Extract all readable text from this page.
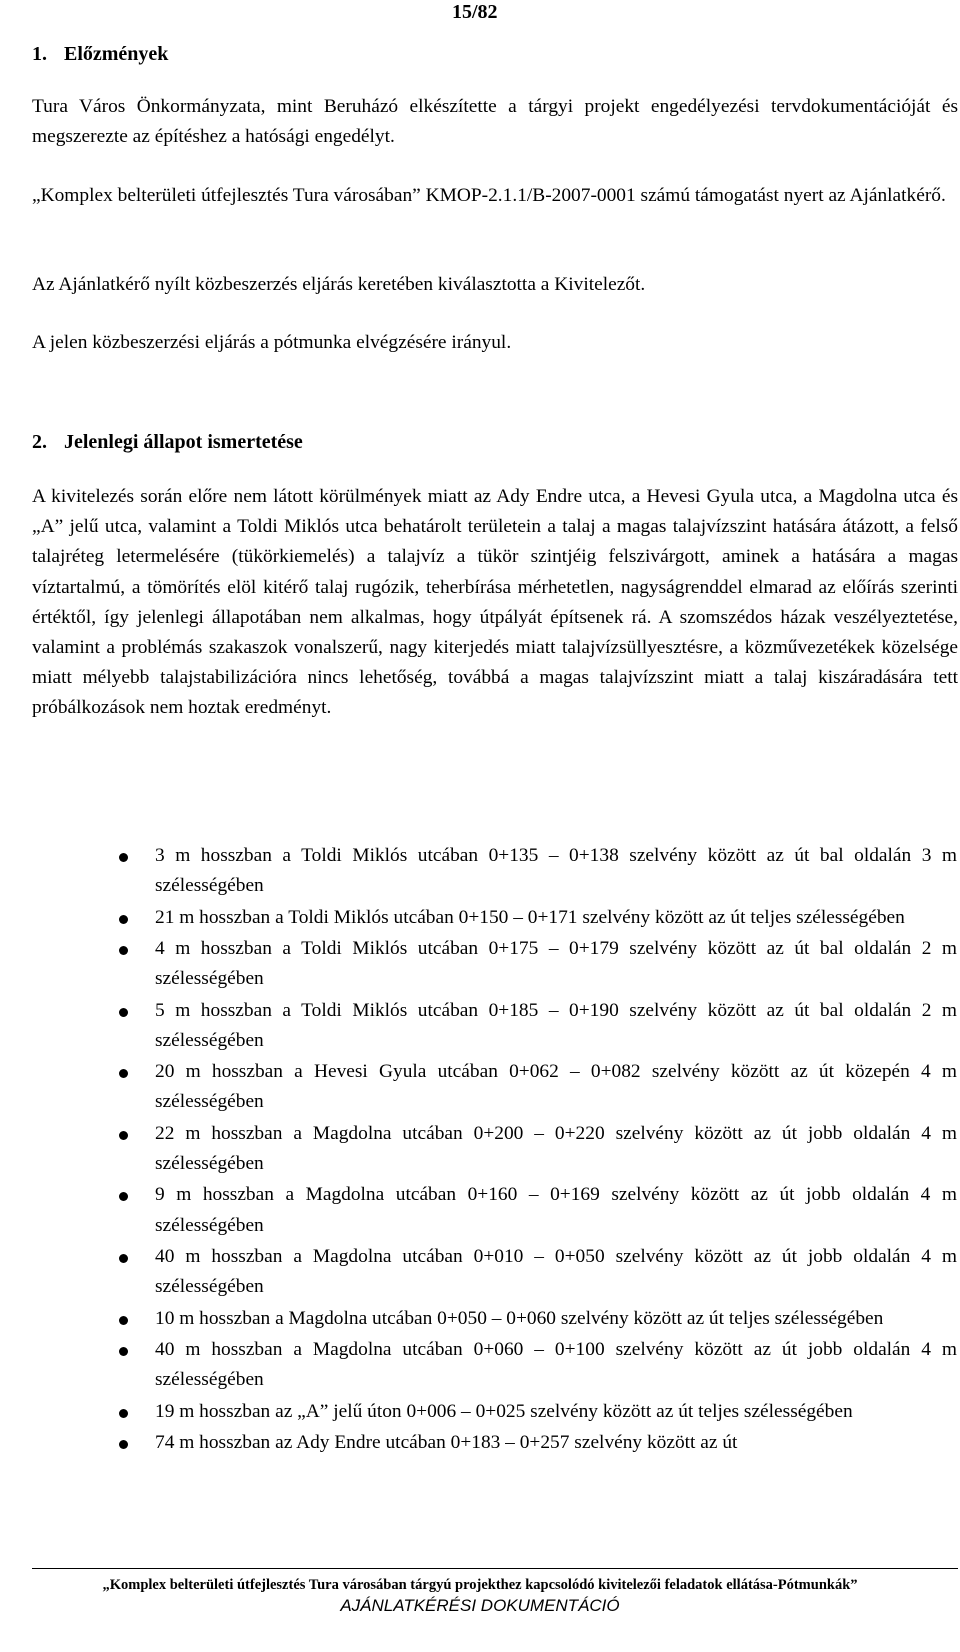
15/82
1. Előzmények

Tura Város Önkormányzata, mint Beruházó elkészítette a tárgyi projekt engedélyezési tervdokumentációját és megszerezte az építéshez a hatósági engedélyt.

„Komplex belterületi útfejlesztés Tura városában” KMOP-2.1.1/B-2007-0001 számú támogatást nyert az Ajánlatkérő.

Az Ajánlatkérő nyílt közbeszerzés eljárás keretében kiválasztotta a Kivitelezőt.

A jelen közbeszerzési eljárás a pótmunka elvégzésére irányul.

2. Jelenlegi állapot ismertetése

A kivitelezés során előre nem látott körülmények miatt az Ady Endre utca, a Hevesi Gyula utca, a Magdolna utca és „A” jelű utca, valamint a Toldi Miklós utca behatárolt területein a talaj a magas talajvízszint hatására átázott, a felső talajréteg letermelésére (tükörkiemelés) a talajvíz a tükör szintjéig felszivárgott, aminek a hatására a magas víztartalmú, a tömörítés elöl kitérő talaj rugózik, teherbírása mérhetetlen, nagyságrenddel elmarad az előírás szerinti értéktől, így jelenlegi állapotában nem alkalmas, hogy útpályát építsenek rá. A szomszédos házak veszélyeztetése, valamint a problémás szakaszok vonalszerű, nagy kiterjedés miatt talajvízsüllyesztésre, a közművezetékek közelsége miatt mélyebb talajstabilizációra nincs lehetőség, továbbá a magas talajvízszint miatt a talaj kiszáradására tett próbálkozások nem hoztak eredményt.

3 m hosszban a Toldi Miklós utcában 0+135 – 0+138 szelvény között az út bal oldalán 3 m szélességében
21 m hosszban a Toldi Miklós utcában 0+150 – 0+171 szelvény között az út teljes szélességében
4 m hosszban a Toldi Miklós utcában 0+175 – 0+179 szelvény között az út bal oldalán 2 m szélességében
5 m hosszban a Toldi Miklós utcában 0+185 – 0+190 szelvény között az út bal oldalán 2 m szélességében
20 m hosszban a Hevesi Gyula utcában 0+062 – 0+082 szelvény között az út közepén 4 m szélességében
22 m hosszban a Magdolna utcában 0+200 – 0+220 szelvény között az út jobb oldalán 4 m szélességében
9 m hosszban a Magdolna utcában 0+160 – 0+169 szelvény között az út jobb oldalán 4 m szélességében
40 m hosszban a Magdolna utcában 0+010 – 0+050 szelvény között az út jobb oldalán 4 m szélességében
10 m hosszban a Magdolna utcában 0+050 – 0+060 szelvény között az út teljes szélességében
40 m hosszban a Magdolna utcában 0+060 – 0+100 szelvény között az út jobb oldalán 4 m szélességében
19 m hosszban az „A” jelű úton 0+006 – 0+025 szelvény között az út teljes szélességében
74 m hosszban az Ady Endre utcában 0+183 – 0+257 szelvény között az út
„Komplex belterületi útfejlesztés Tura városában tárgyú projekthez kapcsolódó kivitelezői feladatok ellátása-Pótmunkák”
AJÁNLATKÉRÉSI DOKUMENTÁCIÓ
